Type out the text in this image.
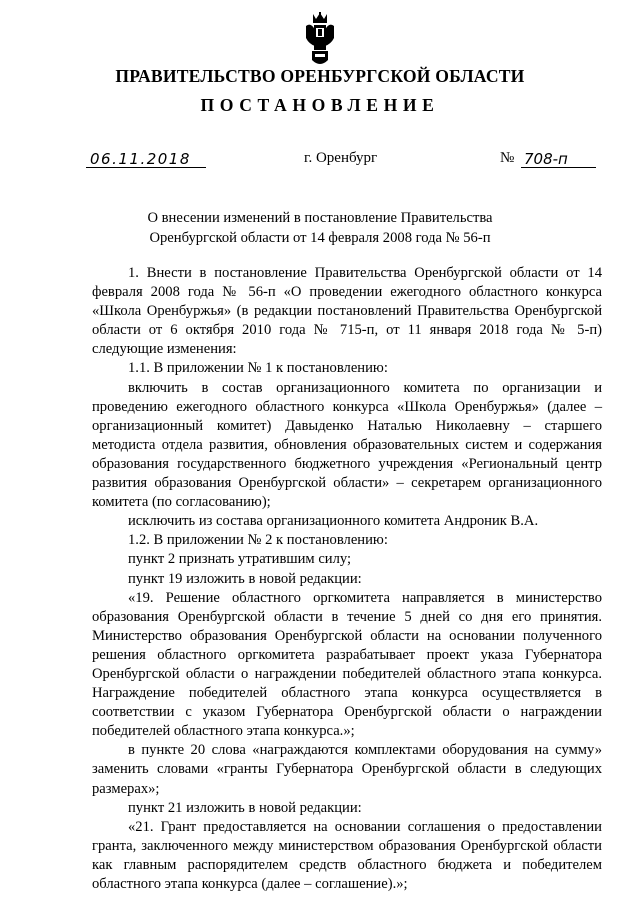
ПРАВИТЕЛЬСТВО ОРЕНБУРГСКОЙ ОБЛАСТИ
ПОСТАНОВЛЕНИЕ
06.11.2018	г. Оренбург	№ 708-п
О внесении изменений в постановление Правительства
Оренбургской области от 14 февраля 2008 года № 56-п

1. Внести в постановление Правительства Оренбургской области от 14 февраля 2008 года № 56-п «О проведении ежегодного областного конкурса «Школа Оренбуржья» (в редакции постановлений Правительства Оренбургской области от 6 октября 2010 года № 715-п, от 11 января 2018 года № 5-п) следующие изменения:

1.1. В приложении № 1 к постановлению:

включить в состав организационного комитета по организации и проведению ежегодного областного конкурса «Школа Оренбуржья» (далее – организационный комитет) Давыденко Наталью Николаевну – старшего методиста отдела развития, обновления образовательных систем и содержания образования государственного бюджетного учреждения «Региональный центр развития образования Оренбургской области» – секретарем организационного комитета (по согласованию);

исключить из состава организационного комитета Андроник В.А.

1.2. В приложении № 2 к постановлению:

пункт 2 признать утратившим силу;

пункт 19 изложить в новой редакции:

«19. Решение областного оргкомитета направляется в министерство образования Оренбургской области в течение 5 дней со дня его принятия. Министерство образования Оренбургской области на основании полученного решения областного оргкомитета разрабатывает проект указа Губернатора Оренбургской области о награждении победителей областного этапа конкурса. Награждение победителей областного этапа конкурса осуществляется в соответствии с указом Губернатора Оренбургской области о награждении победителей областного этапа конкурса.»;

в пункте 20 слова «награждаются комплектами оборудования на сумму» заменить словами «гранты Губернатора Оренбургской области в следующих размерах»;

пункт 21 изложить в новой редакции:

«21. Грант предоставляется на основании соглашения о предоставлении гранта, заключенного между министерством образования Оренбургской области как главным распорядителем средств областного бюджета и победителем областного этапа конкурса (далее – соглашение).»;
